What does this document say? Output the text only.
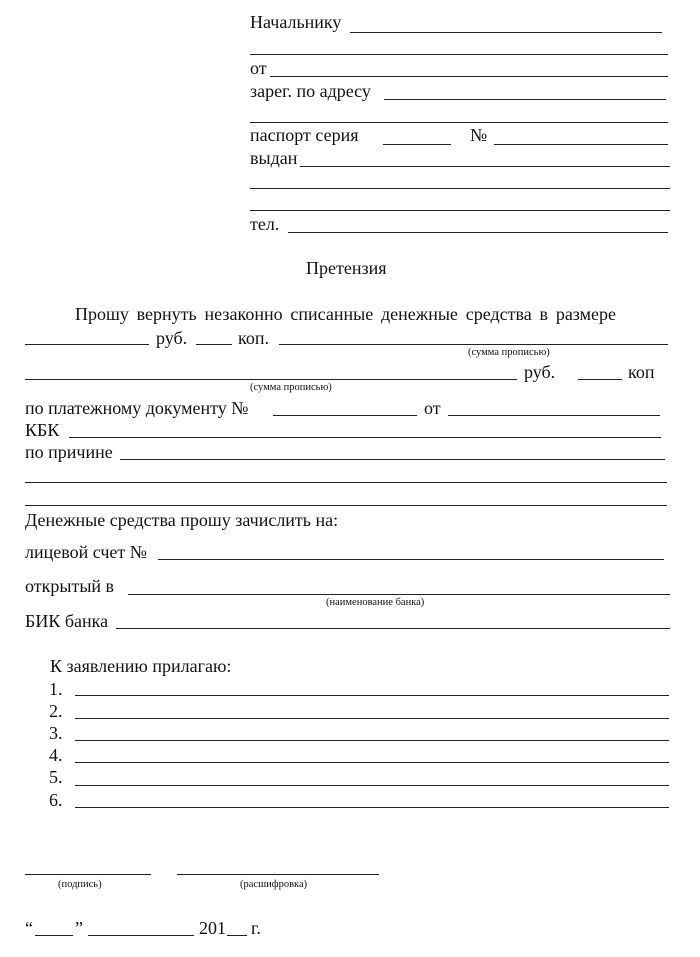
Начальнику
от
зарег. по адресу
паспорт серия	№
выдан
тел.
Претензия
Прошу вернуть незаконно списанные денежные средства в размере
руб.	коп.
(сумма прописью)
руб.	коп
(сумма прописью)
по платежному документу №	от
КБК
по причине
Денежные средства прошу зачислить на:
лицевой счет №
открытый в
(наименование банка)
БИК банка
К заявлению прилагаю:
1.
2.
3.
4.
5.
6.
(подпись)	(расшифровка)
“ ”	201 г.
